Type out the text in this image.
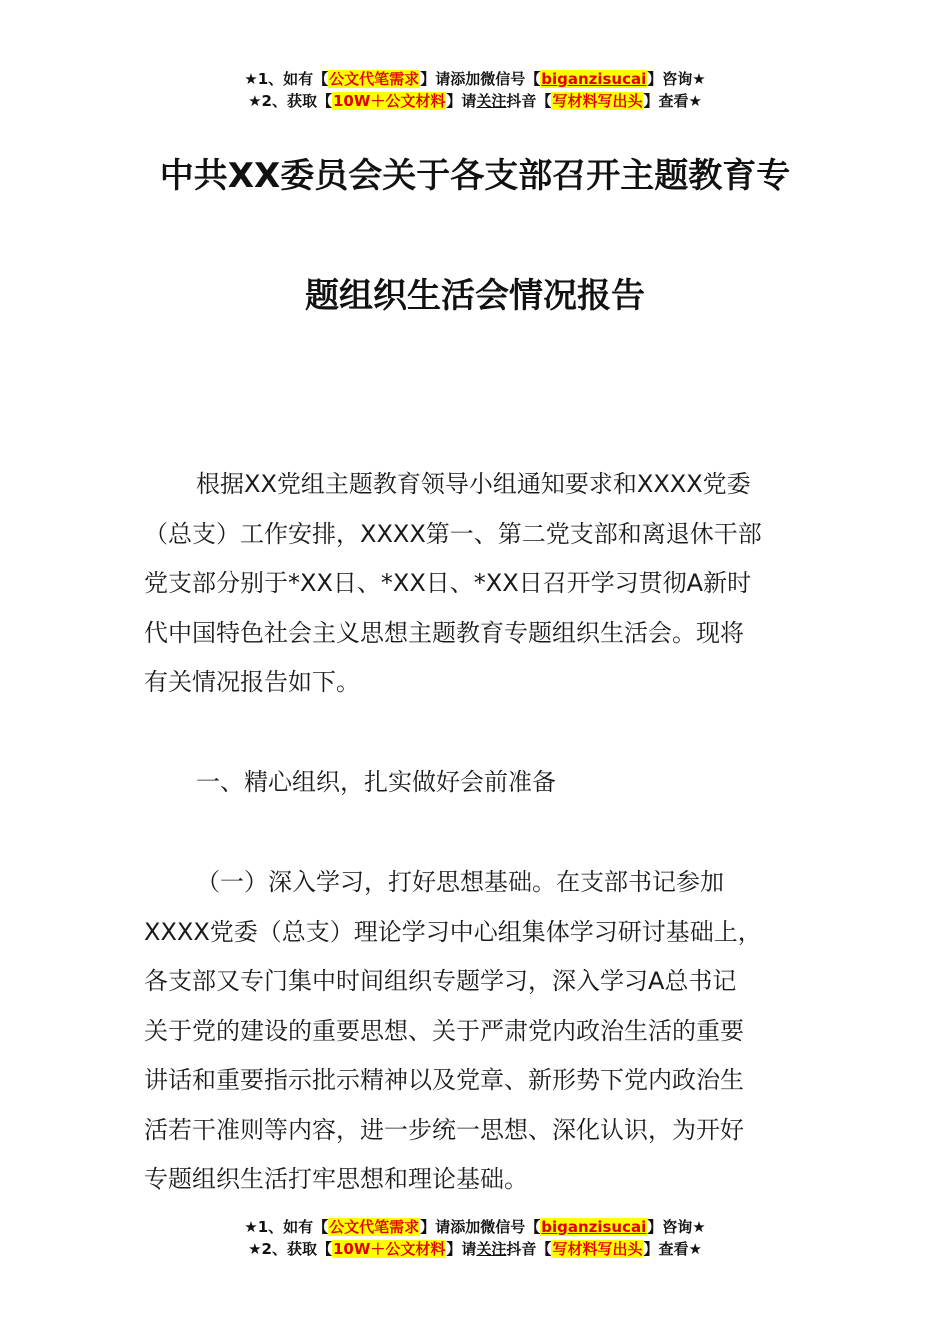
★1、如有【公文代笔需求】请添加微信号【biganzisucai】咨询★
★2、获取【10W＋公文材料】请关注抖音【写材料写出头】查看★
中共XX委员会关于各支部召开主题教育专
题组织生活会情况报告
根据XX党组主题教育领导小组通知要求和XXXX党委
（总支）工作安排，XXXX第一、第二党支部和离退休干部
党支部分别于*XX日、*XX日、*XX日召开学习贯彻A新时
代中国特色社会主义思想主题教育专题组织生活会。现将
有关情况报告如下。
一、精心组织，扎实做好会前准备
（一）深入学习，打好思想基础。在支部书记参加
XXXX党委（总支）理论学习中心组集体学习研讨基础上，
各支部又专门集中时间组织专题学习，深入学习A总书记
关于党的建设的重要思想、关于严肃党内政治生活的重要
讲话和重要指示批示精神以及党章、新形势下党内政治生
活若干准则等内容，进一步统一思想、深化认识，为开好
专题组织生活打牢思想和理论基础。
★1、如有【公文代笔需求】请添加微信号【biganzisucai】咨询★
★2、获取【10W＋公文材料】请关注抖音【写材料写出头】查看★
